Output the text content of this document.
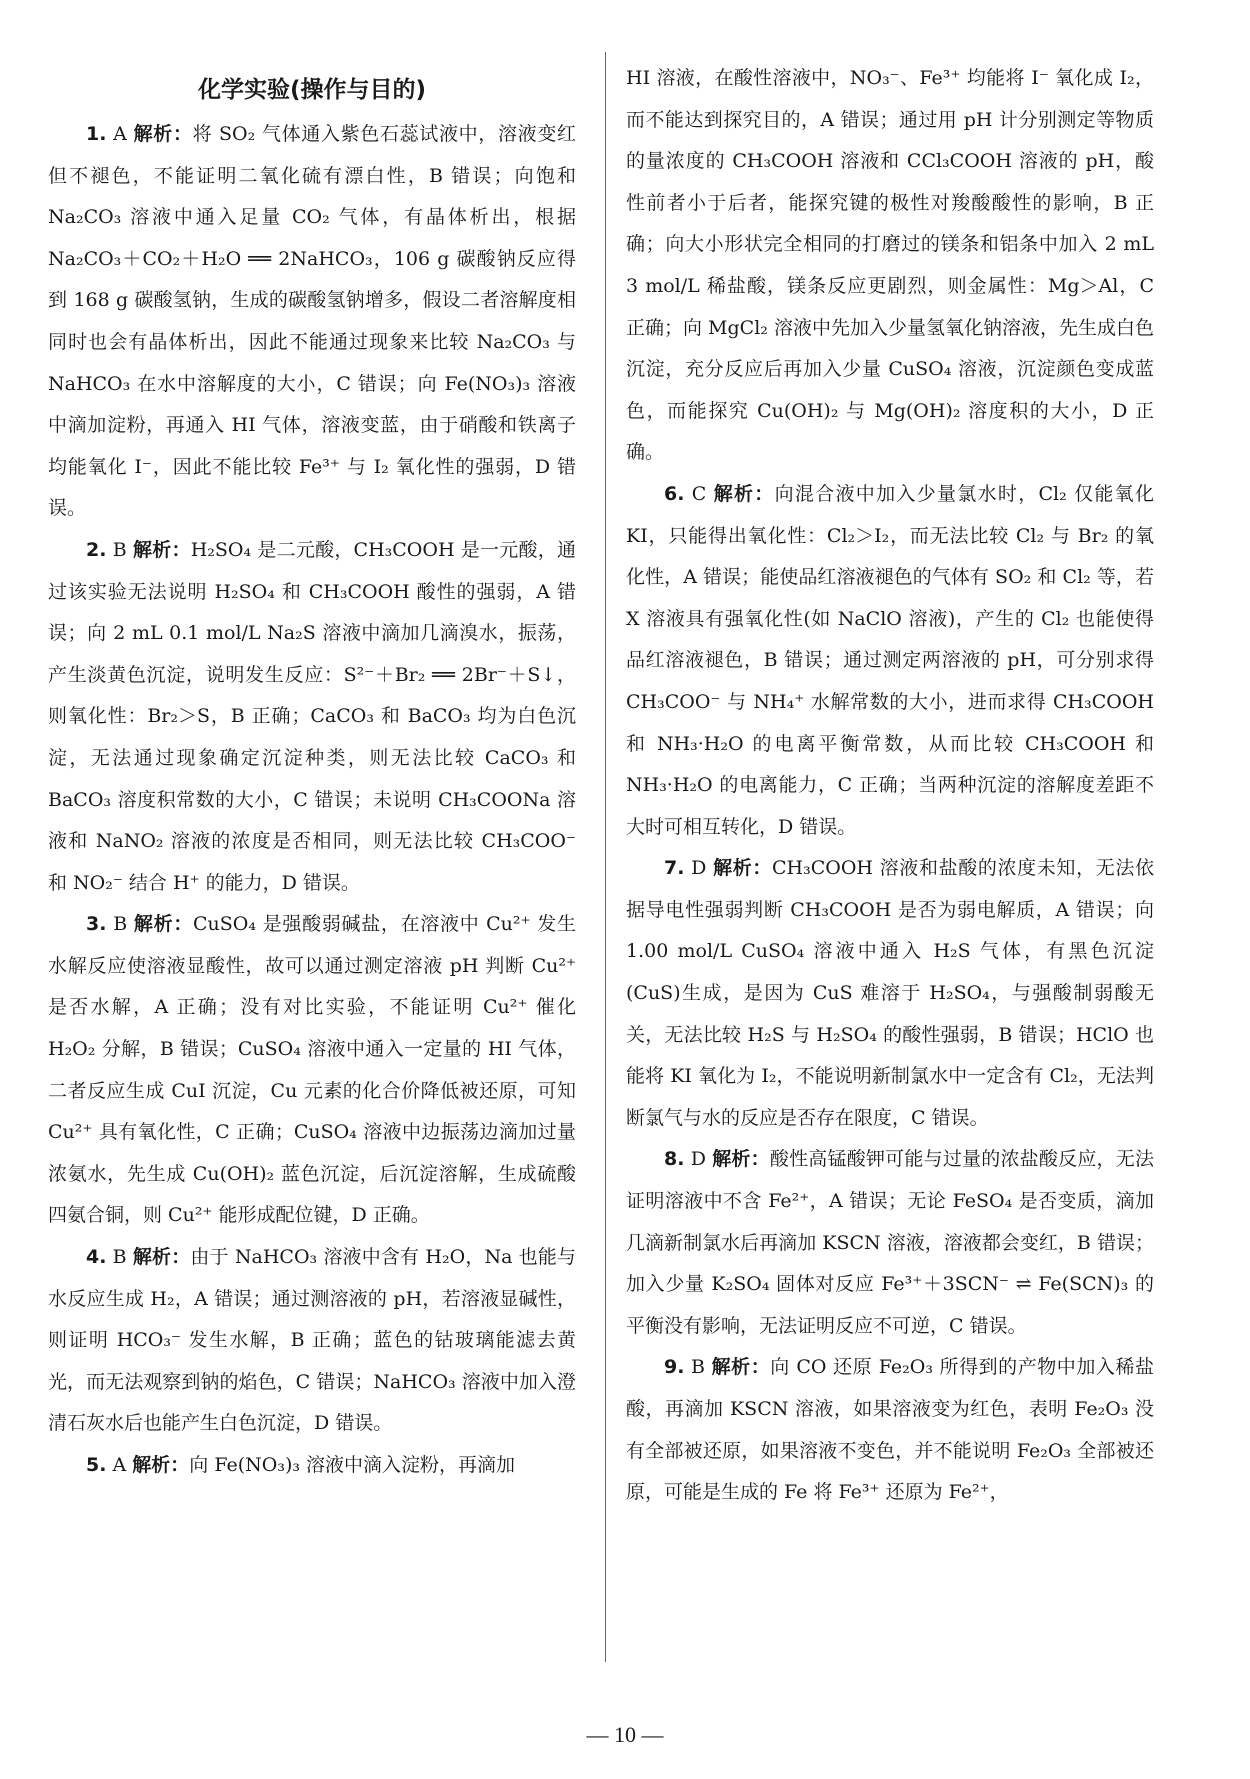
化学实验(操作与目的)

1. A 解析：将 SO₂ 气体通入紫色石蕊试液中，溶液变红但不褪色，不能证明二氧化硫有漂白性，B 错误；向饱和 Na₂CO₃ 溶液中通入足量 CO₂ 气体，有晶体析出，根据 Na₂CO₃＋CO₂＋H₂O ══ 2NaHCO₃，106 g 碳酸钠反应得到 168 g 碳酸氢钠，生成的碳酸氢钠增多，假设二者溶解度相同时也会有晶体析出，因此不能通过现象来比较 Na₂CO₃ 与 NaHCO₃ 在水中溶解度的大小，C 错误；向 Fe(NO₃)₃ 溶液中滴加淀粉，再通入 HI 气体，溶液变蓝，由于硝酸和铁离子均能氧化 I⁻，因此不能比较 Fe³⁺ 与 I₂ 氧化性的强弱，D 错误。

2. B 解析：H₂SO₄ 是二元酸，CH₃COOH 是一元酸，通过该实验无法说明 H₂SO₄ 和 CH₃COOH 酸性的强弱，A 错误；向 2 mL 0.1 mol/L Na₂S 溶液中滴加几滴溴水，振荡，产生淡黄色沉淀，说明发生反应：S²⁻＋Br₂ ══ 2Br⁻＋S↓，则氧化性：Br₂＞S，B 正确；CaCO₃ 和 BaCO₃ 均为白色沉淀，无法通过现象确定沉淀种类，则无法比较 CaCO₃ 和 BaCO₃ 溶度积常数的大小，C 错误；未说明 CH₃COONa 溶液和 NaNO₂ 溶液的浓度是否相同，则无法比较 CH₃COO⁻ 和 NO₂⁻ 结合 H⁺ 的能力，D 错误。

3. B 解析：CuSO₄ 是强酸弱碱盐，在溶液中 Cu²⁺ 发生水解反应使溶液显酸性，故可以通过测定溶液 pH 判断 Cu²⁺ 是否水解，A 正确；没有对比实验，不能证明 Cu²⁺ 催化 H₂O₂ 分解，B 错误；CuSO₄ 溶液中通入一定量的 HI 气体，二者反应生成 CuI 沉淀，Cu 元素的化合价降低被还原，可知 Cu²⁺ 具有氧化性，C 正确；CuSO₄ 溶液中边振荡边滴加过量浓氨水，先生成 Cu(OH)₂ 蓝色沉淀，后沉淀溶解，生成硫酸四氨合铜，则 Cu²⁺ 能形成配位键，D 正确。

4. B 解析：由于 NaHCO₃ 溶液中含有 H₂O，Na 也能与水反应生成 H₂，A 错误；通过测溶液的 pH，若溶液显碱性，则证明 HCO₃⁻ 发生水解，B 正确；蓝色的钴玻璃能滤去黄光，而无法观察到钠的焰色，C 错误；NaHCO₃ 溶液中加入澄清石灰水后也能产生白色沉淀，D 错误。

5. A 解析：向 Fe(NO₃)₃ 溶液中滴入淀粉，再滴加

HI 溶液，在酸性溶液中，NO₃⁻、Fe³⁺ 均能将 I⁻ 氧化成 I₂，而不能达到探究目的，A 错误；通过用 pH 计分别测定等物质的量浓度的 CH₃COOH 溶液和 CCl₃COOH 溶液的 pH，酸性前者小于后者，能探究键的极性对羧酸酸性的影响，B 正确；向大小形状完全相同的打磨过的镁条和铝条中加入 2 mL 3 mol/L 稀盐酸，镁条反应更剧烈，则金属性：Mg＞Al，C 正确；向 MgCl₂ 溶液中先加入少量氢氧化钠溶液，先生成白色沉淀，充分反应后再加入少量 CuSO₄ 溶液，沉淀颜色变成蓝色，而能探究 Cu(OH)₂ 与 Mg(OH)₂ 溶度积的大小，D 正确。

6. C 解析：向混合液中加入少量氯水时，Cl₂ 仅能氧化 KI，只能得出氧化性：Cl₂＞I₂，而无法比较 Cl₂ 与 Br₂ 的氧化性，A 错误；能使品红溶液褪色的气体有 SO₂ 和 Cl₂ 等，若 X 溶液具有强氧化性(如 NaClO 溶液)，产生的 Cl₂ 也能使得品红溶液褪色，B 错误；通过测定两溶液的 pH，可分别求得 CH₃COO⁻ 与 NH₄⁺ 水解常数的大小，进而求得 CH₃COOH 和 NH₃·H₂O 的电离平衡常数，从而比较 CH₃COOH 和 NH₃·H₂O 的电离能力，C 正确；当两种沉淀的溶解度差距不大时可相互转化，D 错误。

7. D 解析：CH₃COOH 溶液和盐酸的浓度未知，无法依据导电性强弱判断 CH₃COOH 是否为弱电解质，A 错误；向 1.00 mol/L CuSO₄ 溶液中通入 H₂S 气体，有黑色沉淀(CuS)生成，是因为 CuS 难溶于 H₂SO₄，与强酸制弱酸无关，无法比较 H₂S 与 H₂SO₄ 的酸性强弱，B 错误；HClO 也能将 KI 氧化为 I₂，不能说明新制氯水中一定含有 Cl₂，无法判断氯气与水的反应是否存在限度，C 错误。

8. D 解析：酸性高锰酸钾可能与过量的浓盐酸反应，无法证明溶液中不含 Fe²⁺，A 错误；无论 FeSO₄ 是否变质，滴加几滴新制氯水后再滴加 KSCN 溶液，溶液都会变红，B 错误；加入少量 K₂SO₄ 固体对反应 Fe³⁺＋3SCN⁻ ⇌ Fe(SCN)₃ 的平衡没有影响，无法证明反应不可逆，C 错误。

9. B 解析：向 CO 还原 Fe₂O₃ 所得到的产物中加入稀盐酸，再滴加 KSCN 溶液，如果溶液变为红色，表明 Fe₂O₃ 没有全部被还原，如果溶液不变色，并不能说明 Fe₂O₃ 全部被还原，可能是生成的 Fe 将 Fe³⁺ 还原为 Fe²⁺，

— 10 —
